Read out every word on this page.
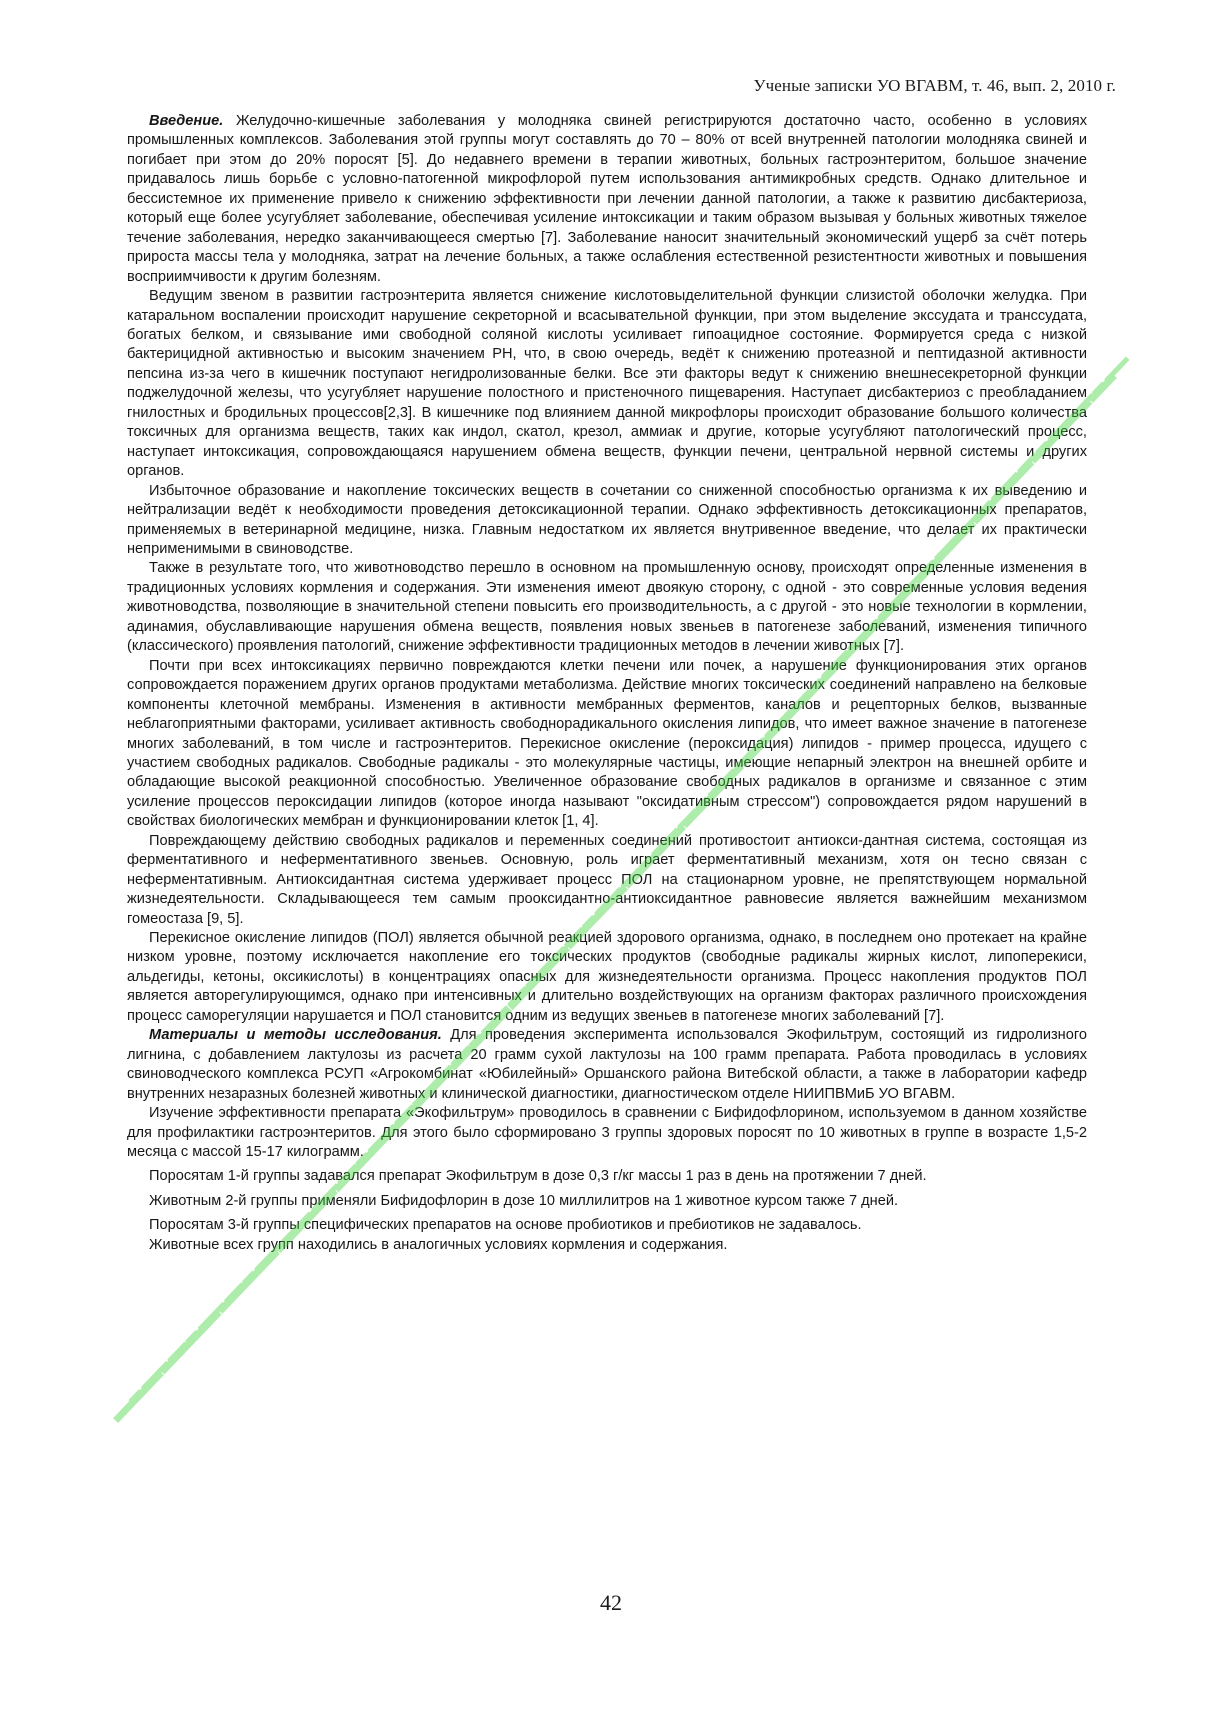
Ученые записки УО ВГАВМ, т. 46, вып. 2, 2010 г.

Введение. Желудочно-кишечные заболевания у молодняка свиней регистрируются достаточно часто, особенно в условиях промышленных комплексов. Заболевания этой группы могут составлять до 70 – 80% от всей внутренней патологии молодняка свиней и погибает при этом до 20% поросят [5]. До недавнего времени в терапии животных, больных гастроэнтеритом, большое значение придавалось лишь борьбе с условно-патогенной микрофлорой путем использования антимикробных средств. Однако длительное и бессистемное их применение привело к снижению эффективности при лечении данной патологии, а также к развитию дисбактериоза, который еще более усугубляет заболевание, обеспечивая усиление интоксикации и таким образом вызывая у больных животных тяжелое течение заболевания, нередко заканчивающееся смертью [7]. Заболевание наносит значительный экономический ущерб за счёт потерь прироста массы тела у молодняка, затрат на лечение больных, а также ослабления естественной резистентности животных и повышения восприимчивости к другим болезням.

Ведущим звеном в развитии гастроэнтерита является снижение кислотовыделительной функции слизистой оболочки желудка. При катаральном воспалении происходит нарушение секреторной и всасывательной функции, при этом выделение экссудата и транссудата, богатых белком, и связывание ими свободной соляной кислоты усиливает гипоацидное состояние. Формируется среда с низкой бактерицидной активностью и высоким значением РН, что, в свою очередь, ведёт к снижению протеазной и пептидазной активности пепсина из-за чего в кишечник поступают негидролизованные белки. Все эти факторы ведут к снижению внешнесекреторной функции поджелудочной железы, что усугубляет нарушение полостного и пристеночного пищеварения. Наступает дисбактериоз с преобладанием гнилостных и бродильных процессов[2,3]. В кишечнике под влиянием данной микрофлоры происходит образование большого количества токсичных для организма веществ, таких как индол, скатол, крезол, аммиак и другие, которые усугубляют патологический процесс, наступает интоксикация, сопровождающаяся нарушением обмена веществ, функции печени, центральной нервной системы и других органов.

Избыточное образование и накопление токсических веществ в сочетании со сниженной способностью организма к их выведению и нейтрализации ведёт к необходимости проведения детоксикационной терапии. Однако эффективность детоксикационных препаратов, применяемых в ветеринарной медицине, низка. Главным недостатком их является внутривенное введение, что делает их практически неприменимыми в свиноводстве.

Также в результате того, что животноводство перешло в основном на промышленную основу, происходят определенные изменения в традиционных условиях кормления и содержания. Эти изменения имеют двоякую сторону, с одной - это современные условия ведения животноводства, позволяющие в значительной степени повысить его производительность, а с другой - это новые технологии в кормлении, адинамия, обуславливающие нарушения обмена веществ, появления новых звеньев в патогенезе заболеваний, изменения типичного (классического) проявления патологий, снижение эффективности традиционных методов в лечении животных [7].

Почти при всех интоксикациях первично повреждаются клетки печени или почек, а нарушение функционирования этих органов сопровождается поражением других органов продуктами метаболизма. Действие многих токсических соединений направлено на белковые компоненты клеточной мембраны. Изменения в активности мембранных ферментов, каналов и рецепторных белков, вызванные неблагоприятными факторами, усиливает активность свободнорадикального окисления липидов, что имеет важное значение в патогенезе многих заболеваний, в том числе и гастроэнтеритов. Перекисное окисление (пероксидация) липидов - пример процесса, идущего с участием свободных радикалов. Свободные радикалы - это молекулярные частицы, имеющие непарный электрон на внешней орбите и обладающие высокой реакционной способностью. Увеличенное образование свободных радикалов в организме и связанное с этим усиление процессов пероксидации липидов (которое иногда называют "оксидативным стрессом") сопровождается рядом нарушений в свойствах биологических мембран и функционировании клеток [1, 4].

Повреждающему действию свободных радикалов и переменных соединений противостоит антиокси-дантная система, состоящая из ферментативного и неферментативного звеньев. Основную, роль играет ферментативный механизм, хотя он тесно связан с неферментативным. Антиоксидантная система удерживает процесс ПОЛ на стационарном уровне, не препятствующем нормальной жизнедеятельности. Складывающееся тем самым прооксидантно-антиоксидантное равновесие является важнейшим механизмом гомеостаза [9, 5].

Перекисное окисление липидов (ПОЛ) является обычной реакцией здорового организма, однако, в последнем оно протекает на крайне низком уровне, поэтому исключается накопление его токсических продуктов (свободные радикалы жирных кислот, липоперекиси, альдегиды, кетоны, оксикислоты) в концентрациях опасных для жизнедеятельности организма. Процесс накопления продуктов ПОЛ является авторегулирующимся, однако при интенсивных и длительно воздействующих на организм факторах различного происхождения процесс саморегуляции нарушается и ПОЛ становится одним из ведущих звеньев в патогенезе многих заболеваний [7].

Материалы и методы исследования. Для проведения эксперимента использовался Экофильтрум, состоящий из гидролизного лигнина, с добавлением лактулозы из расчета 20 грамм сухой лактулозы на 100 грамм препарата. Работа проводилась в условиях свиноводческого комплекса РСУП «Агрокомбинат «Юбилейный» Оршанского района Витебской области, а также в лаборатории кафедр внутренних незаразных болезней животных и клинической диагностики, диагностическом отделе НИИПВМиБ УО ВГАВМ.

Изучение эффективности препарата «Экофильтрум» проводилось в сравнении с Бифидофлорином, используемом в данном хозяйстве для профилактики гастроэнтеритов. Для этого было сформировано 3 группы здоровых поросят по 10 животных в группе в возрасте 1,5-2 месяца с массой 15-17 килограмм.

Поросятам 1-й группы задавался препарат Экофильтрум в дозе 0,3 г/кг массы 1 раз в день на протяжении 7 дней.

Животным 2-й группы применяли Бифидофлорин в дозе 10 миллилитров на 1 животное курсом также 7 дней.

Поросятам 3-й группы специфических препаратов на основе пробиотиков и пребиотиков не задавалось.

Животные всех групп находились в аналогичных условиях кормления и содержания.

42
